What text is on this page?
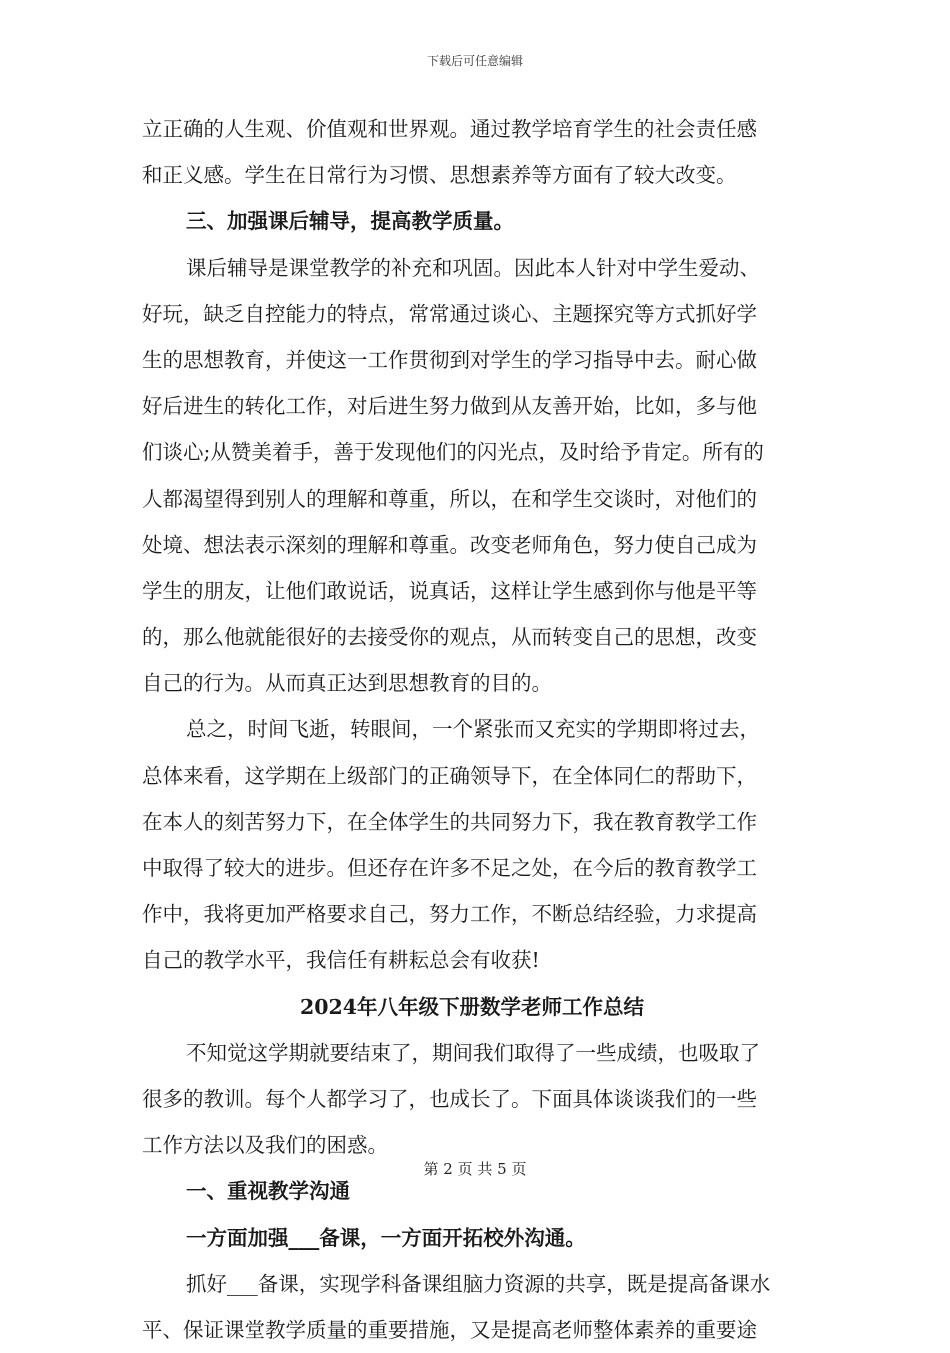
下载后可任意编辑
立正确的人生观、价值观和世界观。通过教学培育学生的社会责任感
和正义感。学生在日常行为习惯、思想素养等方面有了较大改变。
三、加强课后辅导，提高教学质量。
课后辅导是课堂教学的补充和巩固。因此本人针对中学生爱动、
好玩，缺乏自控能力的特点，常常通过谈心、主题探究等方式抓好学
生的思想教育，并使这一工作贯彻到对学生的学习指导中去。耐心做
好后进生的转化工作，对后进生努力做到从友善开始，比如，多与他
们谈心;从赞美着手，善于发现他们的闪光点，及时给予肯定。所有的
人都渴望得到别人的理解和尊重，所以，在和学生交谈时，对他们的
处境、想法表示深刻的理解和尊重。改变老师角色，努力使自己成为
学生的朋友，让他们敢说话，说真话，这样让学生感到你与他是平等
的，那么他就能很好的去接受你的观点，从而转变自己的思想，改变
自己的行为。从而真正达到思想教育的目的。
总之，时间飞逝，转眼间，一个紧张而又充实的学期即将过去，
总体来看，这学期在上级部门的正确领导下，在全体同仁的帮助下，
在本人的刻苦努力下，在全体学生的共同努力下，我在教育教学工作
中取得了较大的进步。但还存在许多不足之处，在今后的教育教学工
作中，我将更加严格要求自己，努力工作，不断总结经验，力求提高
自己的教学水平，我信任有耕耘总会有收获!
2024年八年级下册数学老师工作总结
不知觉这学期就要结束了，期间我们取得了一些成绩，也吸取了
很多的教训。每个人都学习了，也成长了。下面具体谈谈我们的一些
工作方法以及我们的困惑。
一、重视教学沟通
一方面加强___备课，一方面开拓校外沟通。
抓好___备课，实现学科备课组脑力资源的共享，既是提高备课水
平、保证课堂教学质量的重要措施，又是提高老师整体素养的重要途
第 2 页 共 5 页
